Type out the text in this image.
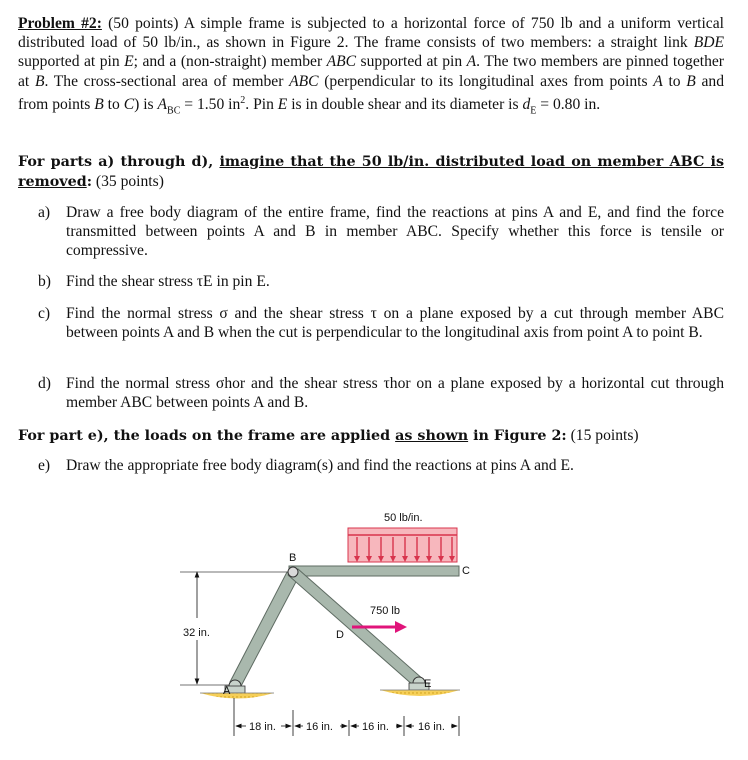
Problem #2: (50 points) A simple frame is subjected to a horizontal force of 750 lb and a uniform vertical distributed load of 50 lb/in., as shown in Figure 2. The frame consists of two members: a straight link BDE supported at pin E; and a (non-straight) member ABC supported at pin A. The two members are pinned together at B. The cross-sectional area of member ABC (perpendicular to its longitudinal axes from points A to B and from points B to C) is $A_{BC} = 1.50$ $in^2$. Pin E is in double shear and its diameter is $d_E = 0.80$ in.
For parts a) through d), imagine that the 50 lb/in. distributed load on member ABC is removed: (35 points)
a) Draw a free body diagram of the entire frame, find the reactions at pins A and E, and find the force transmitted between points A and B in member ABC. Specify whether this force is tensile or compressive.
b) Find the shear stress τE in pin E.
c) Find the normal stress σ and the shear stress τ on a plane exposed by a cut through member ABC between points A and B when the cut is perpendicular to the longitudinal axis from point A to point B.
d) Find the normal stress σhor and the shear stress τhor on a plane exposed by a horizontal cut through member ABC between points A and B.
For part e), the loads on the frame are applied as shown in Figure 2: (15 points)
e) Draw the appropriate free body diagram(s) and find the reactions at pins A and E.
50 lb/in.
32 in.
750 lb
B
C
D
E
A
18 in.	16 in.	16 in.	16 in.
